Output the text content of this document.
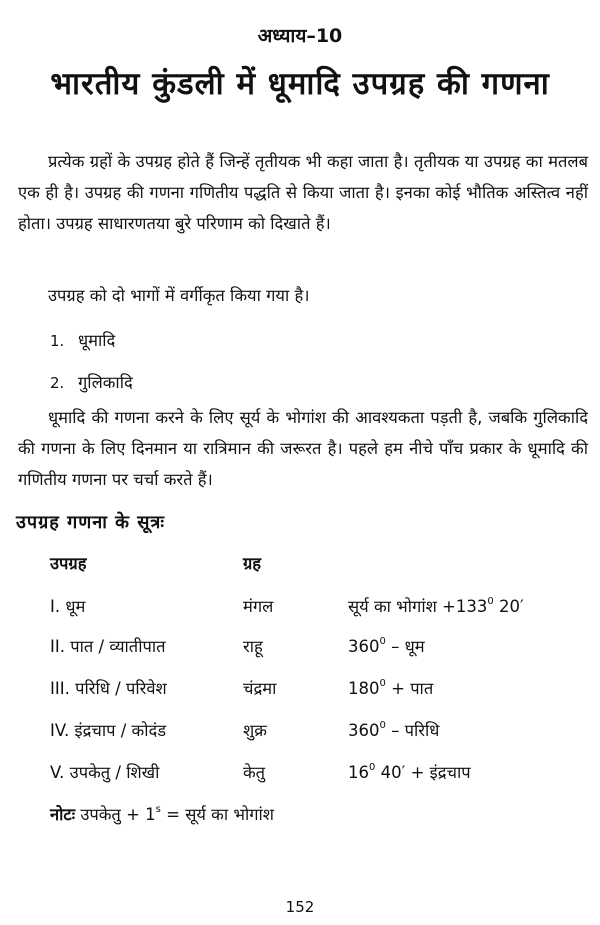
अध्याय–10
भारतीय कुंडली में धूमादि उपग्रह की गणना
प्रत्येक ग्रहों के उपग्रह होते हैं जिन्हें तृतीयक भी कहा जाता है। तृतीयक या उपग्रह का मतलब एक ही है। उपग्रह की गणना गणितीय पद्धति से किया जाता है। इनका कोई भौतिक अस्तित्व नहीं होता। उपग्रह साधारणतया बुरे परिणाम को दिखाते हैं।
उपग्रह को दो भागों में वर्गीकृत किया गया है।
1. धूमादि
2. गुलिकादि
धूमादि की गणना करने के लिए सूर्य के भोगांश की आवश्यकता पड़ती है, जबकि गुलिकादि की गणना के लिए दिनमान या रात्रिमान की जरूरत है। पहले हम नीचे पाँच प्रकार के धूमादि की गणितीय गणना पर चर्चा करते हैं।
उपग्रह गणना के सूत्रः
उपग्रह	ग्रह
I. धूम	मंगल	सूर्य का भोगांश $+133^0$ 20′
II. पात / व्यातीपात	राहू	$360^0$ – धूम
III. परिधि / परिवेश	चंद्रमा	$180^0$ + पात
IV. इंद्रचाप / कोदंड	शुक्र	$360^0$ – परिधि
V. उपकेतु / शिखी	केतु	$16^0$ 40′ + इंद्रचाप
नोटः उपकेतु + $1^s$ = सूर्य का भोगांश
152
